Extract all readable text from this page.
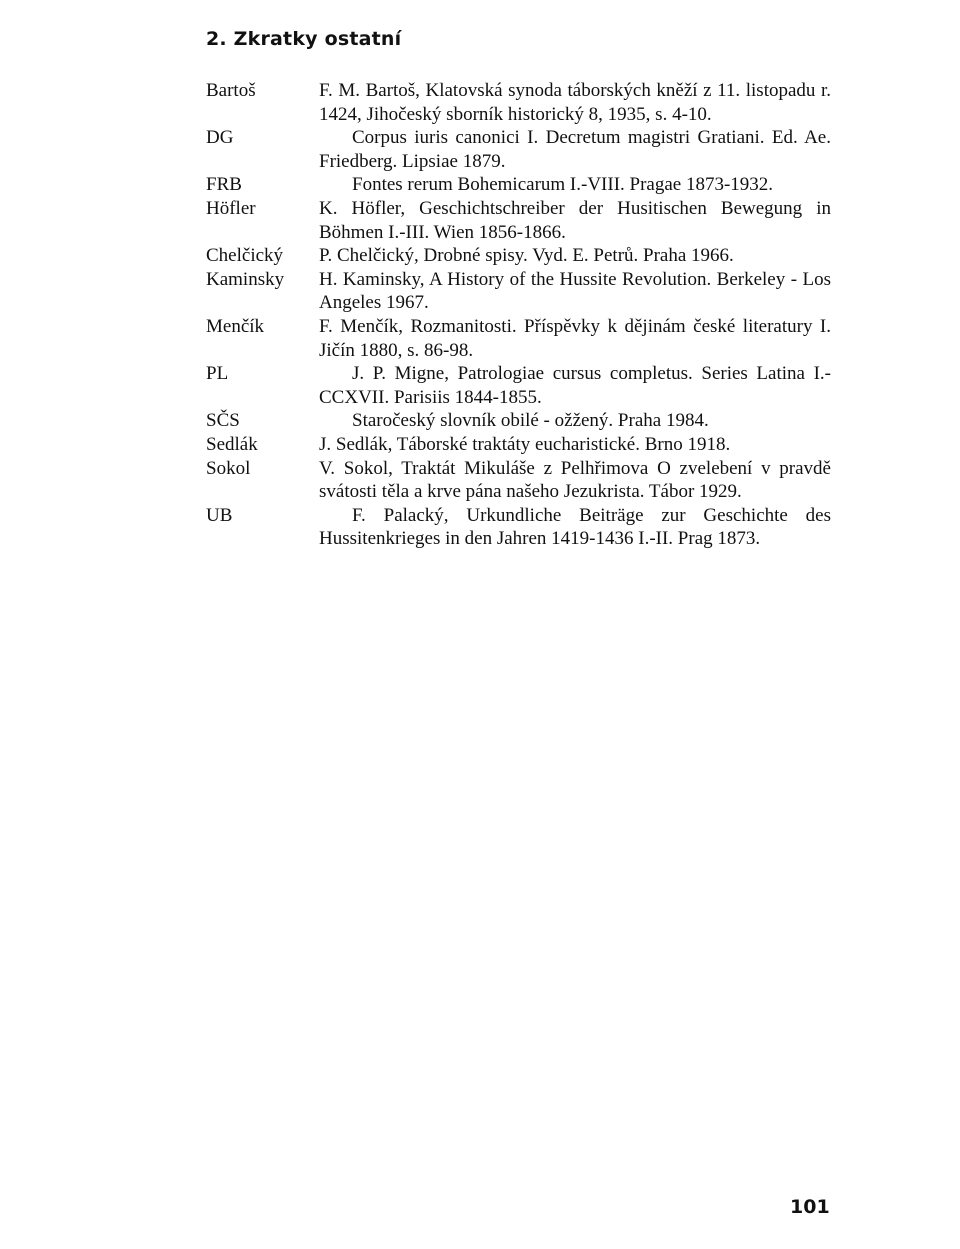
2. Zkratky ostatní
Bartoš	F. M. Bartoš, Klatovská synoda táborských kněží z 11. listopadu r. 1424, Jihočeský sborník historický 8, 1935, s. 4-10.
DG	Corpus iuris canonici I. Decretum magistri Gratiani. Ed. Ae. Friedberg. Lipsiae 1879.
FRB	Fontes rerum Bohemicarum I.-VIII. Pragae 1873-1932.
Höfler	K. Höfler, Geschichtschreiber der Husitischen Bewegung in Böhmen I.-III. Wien 1856-1866.
Chelčický	P. Chelčický, Drobné spisy. Vyd. E. Petrů. Praha 1966.
Kaminsky	H. Kaminsky, A History of the Hussite Revolution. Berkeley - Los Angeles 1967.
Menčík	F. Menčík, Rozmanitosti. Příspěvky k dějinám české literatury I. Jičín 1880, s. 86-98.
PL	J. P. Migne, Patrologiae cursus completus. Series Latina I.-CCXVII. Parisiis 1844-1855.
SČS	Staročeský slovník obilé - ožžený. Praha 1984.
Sedlák	J. Sedlák, Táborské traktáty eucharistické. Brno 1918.
Sokol	V. Sokol, Traktát Mikuláše z Pelhřimova O zvelebení v pravdě svátosti těla a krve pána našeho Jezukrista. Tábor 1929.
UB	F. Palacký, Urkundliche Beiträge zur Geschichte des Hussitenkrieges in den Jahren 1419-1436 I.-II. Prag 1873.
101
